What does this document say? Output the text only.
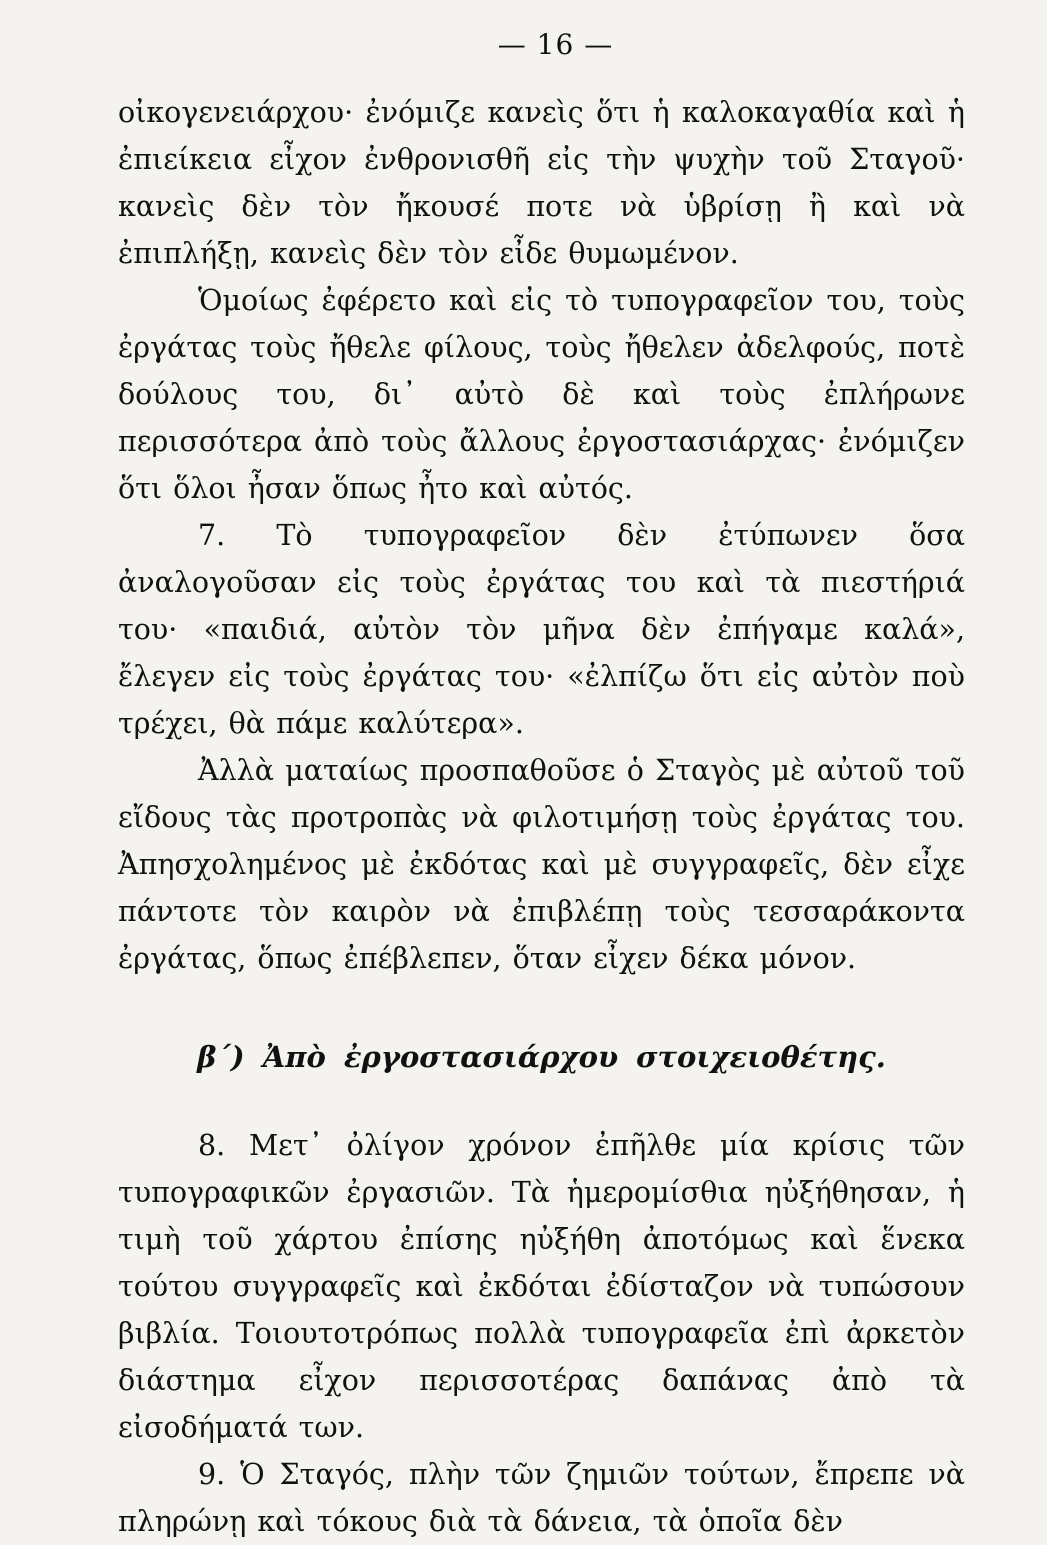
— 16 —

οἰκογενειάρχου· ἐνόμιζε κανεὶς ὅτι ἡ καλοκαγαθία καὶ ἡ ἐπιείκεια εἶχον ἐνθρονισθῆ εἰς τὴν ψυχὴν τοῦ Σταγοῦ· κανεὶς δὲν τὸν ἤκουσέ ποτε νὰ ὑβρίσῃ ἢ καὶ νὰ ἐπιπλήξῃ, κανεὶς δὲν τὸν εἶδε θυμωμένον.

Ὁμοίως ἐφέρετο καὶ εἰς τὸ τυπογραφεῖον του, τοὺς ἐργάτας τοὺς ἤθελε φίλους, τοὺς ἤθελεν ἀδελφούς, ποτὲ δούλους του, δι᾿ αὐτὸ δὲ καὶ τοὺς ἐπλήρωνε περισσότερα ἀπὸ τοὺς ἄλλους ἐργοστασιάρχας· ἐνόμιζεν ὅτι ὅλοι ἦσαν ὅπως ἦτο καὶ αὐτός.

7. Τὸ τυπογραφεῖον δὲν ἐτύπωνεν ὅσα ἀναλογοῦσαν εἰς τοὺς ἐργάτας του καὶ τὰ πιεστήριά του· «παιδιά, αὐτὸν τὸν μῆνα δὲν ἐπήγαμε καλά», ἔλεγεν εἰς τοὺς ἐργάτας του· «ἐλπίζω ὅτι εἰς αὐτὸν ποὺ τρέχει, θὰ πάμε καλύτερα».

Ἀλλὰ ματαίως προσπαθοῦσε ὁ Σταγὸς μὲ αὐτοῦ τοῦ εἴδους τὰς προτροπὰς νὰ φιλοτιμήσῃ τοὺς ἐργάτας του. Ἀπησχολημένος μὲ ἐκδότας καὶ μὲ συγγραφεῖς, δὲν εἶχε πάντοτε τὸν καιρὸν νὰ ἐπιβλέπῃ τοὺς τεσσαράκοντα ἐργάτας, ὅπως ἐπέβλεπεν, ὅταν εἶχεν δέκα μόνον.

β΄) Ἀπὸ ἐργοστασιάρχου στοιχειοθέτης.

8. Μετ᾿ ὀλίγον χρόνον ἐπῆλθε μία κρίσις τῶν τυπογραφικῶν ἐργασιῶν. Τὰ ἡμερομίσθια ηὐξήθησαν, ἡ τιμὴ τοῦ χάρτου ἐπίσης ηὐξήθη ἀποτόμως καὶ ἕνεκα τούτου συγγραφεῖς καὶ ἐκδόται ἐδίσταζον νὰ τυπώσουν βιβλία. Τοιουτοτρόπως πολλὰ τυπογραφεῖα ἐπὶ ἀρκετὸν διάστημα εἶχον περισσοτέρας δαπάνας ἀπὸ τὰ εἰσοδήματά των.

9. Ὁ Σταγός, πλὴν τῶν ζημιῶν τούτων, ἔπρεπε νὰ πληρώνῃ καὶ τόκους διὰ τὰ δάνεια, τὰ ὁποῖα δὲν
